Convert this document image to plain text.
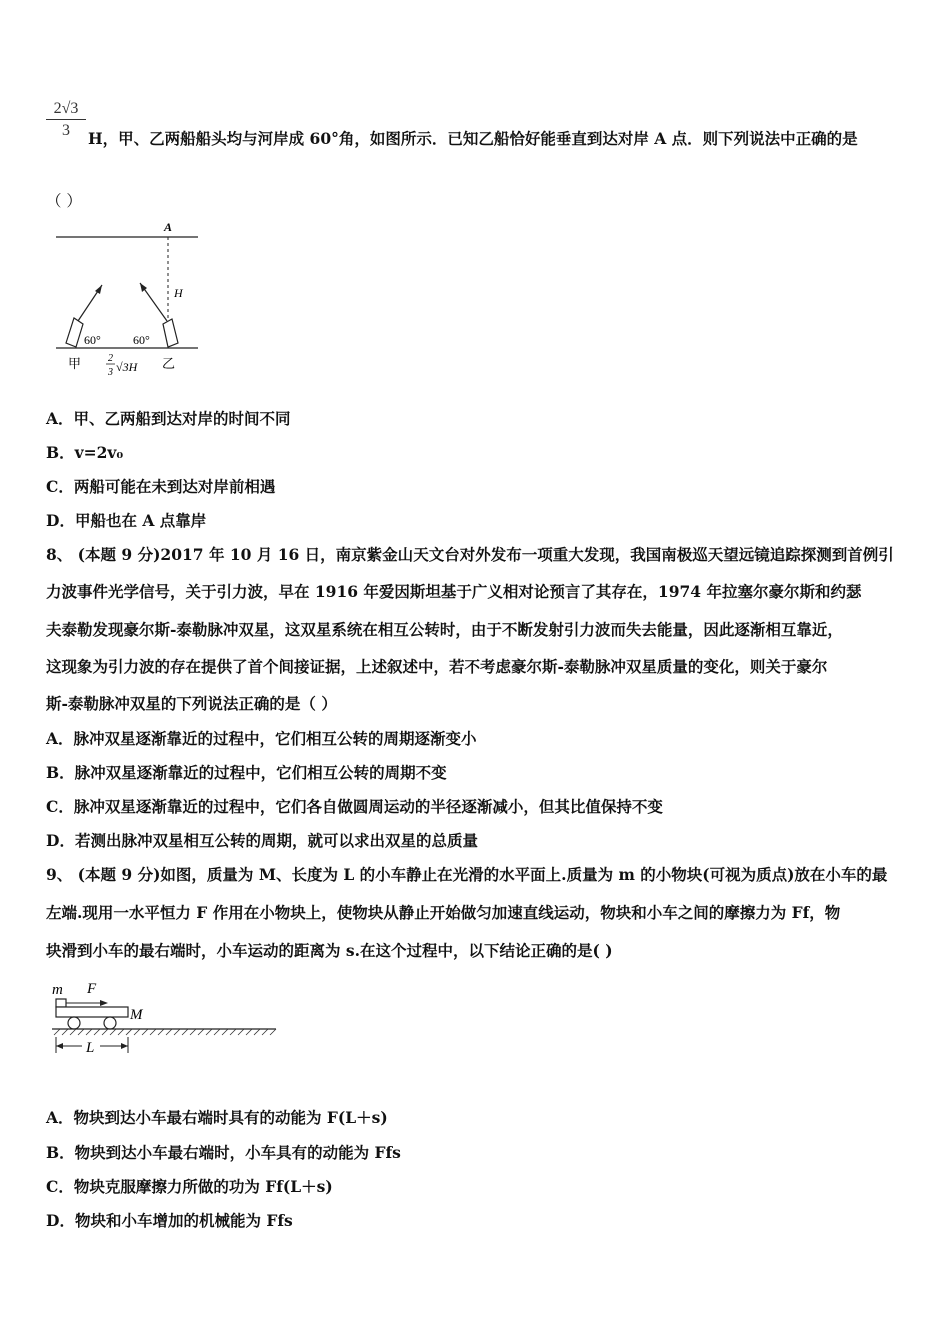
$\frac{2√3}{3}$ H，甲、乙两船船头均与河岸成 60°角，如图所示．已知乙船恰好能垂直到达对岸 A 点．则下列说法中正确的是
（ ）
A
H
60°	60°
甲	乙
2
3 √3H
A．甲、乙两船到达对岸的时间不同
B．v=2v₀
C．两船可能在未到达对岸前相遇
D．甲船也在 A 点靠岸
8、 (本题 9 分)2017 年 10 月 16 日，南京紫金山天文台对外发布一项重大发现，我国南极巡天望远镜追踪探测到首例引
力波事件光学信号，关于引力波，早在 1916 年爱因斯坦基于广义相对论预言了其存在，1974 年拉塞尔豪尔斯和约瑟
夫泰勒发现豪尔斯-泰勒脉冲双星，这双星系统在相互公转时，由于不断发射引力波而失去能量，因此逐渐相互靠近，
这现象为引力波的存在提供了首个间接证据，上述叙述中，若不考虑豪尔斯-泰勒脉冲双星质量的变化，则关于豪尔
斯-泰勒脉冲双星的下列说法正确的是（ ）
A．脉冲双星逐渐靠近的过程中，它们相互公转的周期逐渐变小
B．脉冲双星逐渐靠近的过程中，它们相互公转的周期不变
C．脉冲双星逐渐靠近的过程中，它们各自做圆周运动的半径逐渐减小，但其比值保持不变
D．若测出脉冲双星相互公转的周期，就可以求出双星的总质量
9、 (本题 9 分)如图，质量为 M、长度为 L 的小车静止在光滑的水平面上.质量为 m 的小物块(可视为质点)放在小车的最
左端.现用一水平恒力 F 作用在小物块上，使物块从静止开始做匀加速直线运动，物块和小车之间的摩擦力为 Ff，物
块滑到小车的最右端时，小车运动的距离为 s.在这个过程中，以下结论正确的是( )
m F
M
L
A．物块到达小车最右端时具有的动能为 F(L＋s)
B．物块到达小车最右端时，小车具有的动能为 Ffs
C．物块克服摩擦力所做的功为 Ff(L＋s)
D．物块和小车增加的机械能为 Ffs
